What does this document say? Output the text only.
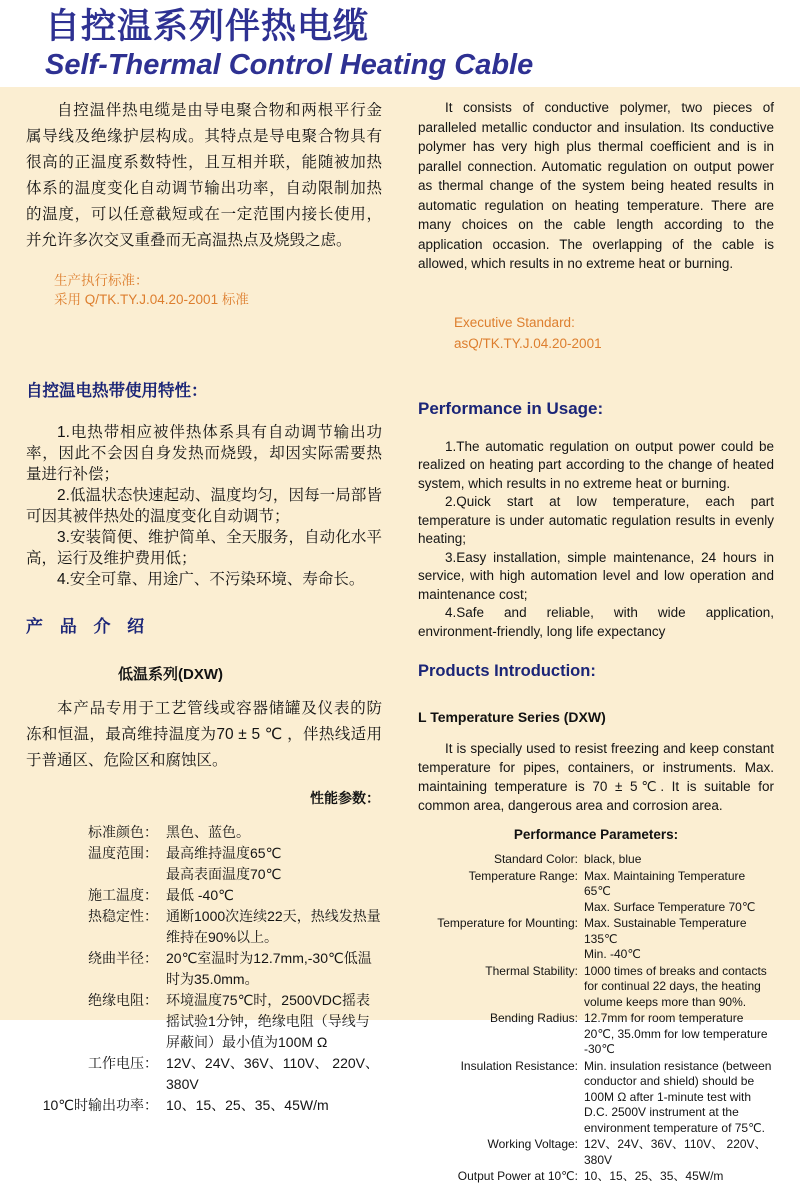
自控温系列伴热电缆
Self-Thermal Control Heating Cable

自控温伴热电缆是由导电聚合物和两根平行金属导线及绝缘护层构成。其特点是导电聚合物具有很高的正温度系数特性，且互相并联，能随被加热体系的温度变化自动调节输出功率，自动限制加热的温度，可以任意截短或在一定范围内接长使用，并允许多次交叉重叠而无高温热点及烧毁之虑。

生产执行标准：
采用 Q/TK.TY.J.04.20-2001 标准
自控温电热带使用特性：

1.电热带相应被伴热体系具有自动调节输出功率，因此不会因自身发热而烧毁，却因实际需要热量进行补偿；

2.低温状态快速起动、温度均匀，因每一局部皆可因其被伴热处的温度变化自动调节；

3.安装简便、维护简单、全天服务，自动化水平高，运行及维护费用低；

4.安全可靠、用途广、不污染环境、寿命长。

产 品 介 绍
低温系列(DXW)

本产品专用于工艺管线或容器储罐及仪表的防冻和恒温，最高维持温度为70 ± 5 ℃ ，伴热线适用于普通区、危险区和腐蚀区。

性能参数：
标准颜色： 黑色、蓝色。
温度范围： 最高维持温度65℃
最高表面温度70℃
施工温度： 最低 -40℃
热稳定性： 通断1000次连续22天，热线发热量维持在90%以上。
绕曲半径： 20℃室温时为12.7mm,-30℃低温时为35.0mm。
绝缘电阻： 环境温度75℃时，2500VDC摇表摇试验1分钟，绝缘电阻（导线与屏蔽间）最小值为100M Ω
工作电压： 12V、24V、36V、110V、 220V、380V
10℃时输出功率： 10、15、25、35、45W/m

It consists of conductive polymer, two pieces of paralleled metallic conductor and insulation. Its conductive polymer has very high plus thermal coefficient and is in parallel connection. Automatic regulation on output power as thermal change of the system being heated results in automatic regulation on heating temperature. There are many choices on the cable length according to the application occasion. The overlapping of the cable is allowed, which results in no extreme heat or burning.

Executive Standard:
asQ/TK.TY.J.04.20-2001
Performance in Usage:

1.The automatic regulation on output power could be realized on heating part according to the change of heated system, which results in no extreme heat or burning.

2.Quick start at low temperature, each part temperature is under automatic regulation results in evenly heating;

3.Easy installation, simple maintenance, 24 hours in service, with high automation level and low operation and maintenance cost;

4.Safe and reliable, with wide application, environment-friendly, long life expectancy

Products Introduction:
L Temperature Series (DXW)

It is specially used to resist freezing and keep constant temperature for pipes, containers, or instruments. Max. maintaining temperature is 70 ± 5℃. It is suitable for common area, dangerous area and corrosion area.

Performance Parameters:
Standard Color: black, blue
Temperature Range: Max. Maintaining Temperature 65℃
Max. Surface Temperature 70℃
Temperature for Mounting: Max. Sustainable Temperature 135℃
Min. -40℃
Thermal Stability: 1000 times of breaks and contacts for continual 22 days, the heating volume keeps more than 90%.
Bending Radius: 12.7mm for room temperature 20℃, 35.0mm for low temperature -30℃
Insulation Resistance: Min. insulation resistance (between conductor and shield) should be 100M Ω after 1-minute test with D.C. 2500V instrument at the environment temperature of 75℃.
Working Voltage: 12V、24V、36V、110V、 220V、380V
Output Power at 10℃: 10、15、25、35、45W/m
